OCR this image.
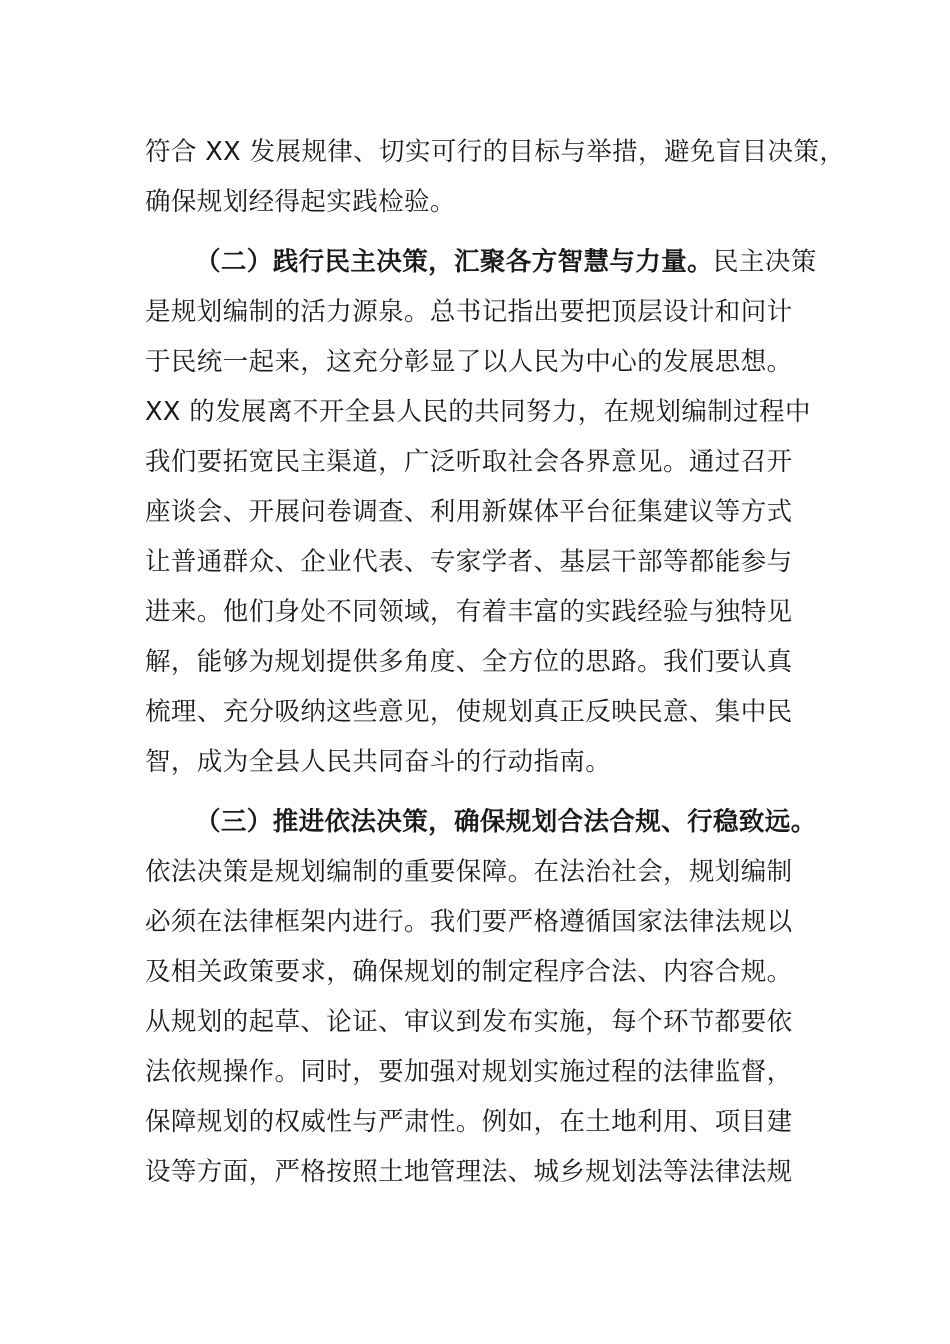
符合 XX 发展规律、切实可行的目标与举措，避免盲目决策，
确保规划经得起实践检验。
（二）践行民主决策，汇聚各方智慧与力量。民主决策
是规划编制的活力源泉。总书记指出要把顶层设计和问计
于民统一起来，这充分彰显了以人民为中心的发展思想。
XX 的发展离不开全县人民的共同努力，在规划编制过程中
我们要拓宽民主渠道，广泛听取社会各界意见。通过召开
座谈会、开展问卷调查、利用新媒体平台征集建议等方式
让普通群众、企业代表、专家学者、基层干部等都能参与
进来。他们身处不同领域，有着丰富的实践经验与独特见
解，能够为规划提供多角度、全方位的思路。我们要认真
梳理、充分吸纳这些意见，使规划真正反映民意、集中民
智，成为全县人民共同奋斗的行动指南。
（三）推进依法决策，确保规划合法合规、行稳致远。
依法决策是规划编制的重要保障。在法治社会，规划编制
必须在法律框架内进行。我们要严格遵循国家法律法规以
及相关政策要求，确保规划的制定程序合法、内容合规。
从规划的起草、论证、审议到发布实施，每个环节都要依
法依规操作。同时，要加强对规划实施过程的法律监督，
保障规划的权威性与严肃性。例如，在土地利用、项目建
设等方面，严格按照土地管理法、城乡规划法等法律法规
